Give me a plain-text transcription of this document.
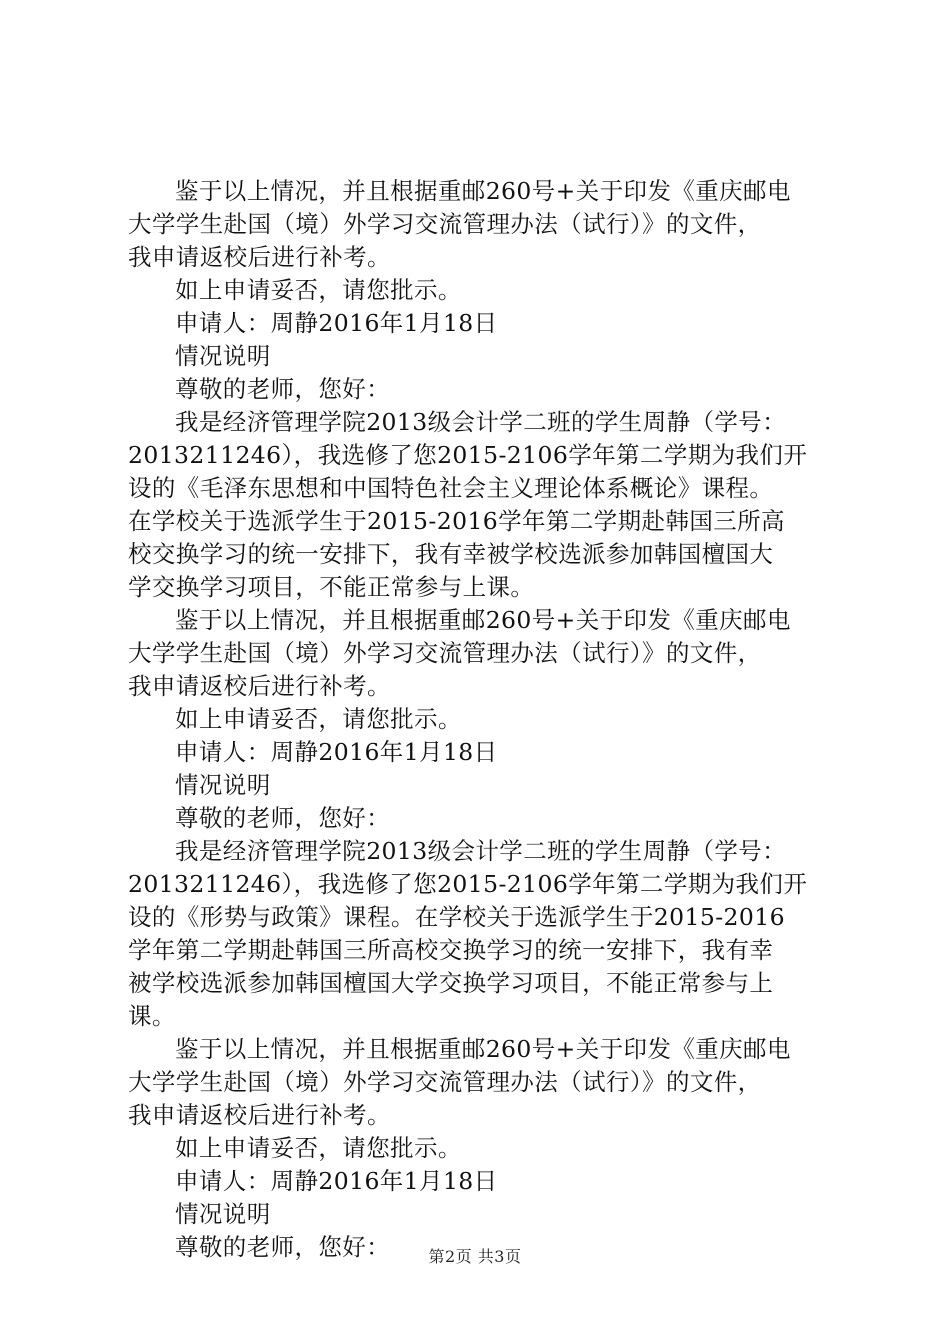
鉴于以上情况，并且根据重邮260号+关于印发《重庆邮电
大学学生赴国（境）外学习交流管理办法（试行）》的文件，
我申请返校后进行补考。
如上申请妥否，请您批示。
申请人：周静2016年1月18日
情况说明
尊敬的老师，您好：
我是经济管理学院2013级会计学二班的学生周静（学号：
2013211246），我选修了您2015-2106学年第二学期为我们开
设的《毛泽东思想和中国特色社会主义理论体系概论》课程。
在学校关于选派学生于2015-2016学年第二学期赴韩国三所高
校交换学习的统一安排下，我有幸被学校选派参加韩国檀国大
学交换学习项目，不能正常参与上课。
鉴于以上情况，并且根据重邮260号+关于印发《重庆邮电
大学学生赴国（境）外学习交流管理办法（试行）》的文件，
我申请返校后进行补考。
如上申请妥否，请您批示。
申请人：周静2016年1月18日
情况说明
尊敬的老师，您好：
我是经济管理学院2013级会计学二班的学生周静（学号：
2013211246），我选修了您2015-2106学年第二学期为我们开
设的《形势与政策》课程。在学校关于选派学生于2015-2016
学年第二学期赴韩国三所高校交换学习的统一安排下，我有幸
被学校选派参加韩国檀国大学交换学习项目，不能正常参与上
课。
鉴于以上情况，并且根据重邮260号+关于印发《重庆邮电
大学学生赴国（境）外学习交流管理办法（试行）》的文件，
我申请返校后进行补考。
如上申请妥否，请您批示。
申请人：周静2016年1月18日
情况说明
尊敬的老师，您好：	第2页 共3页
